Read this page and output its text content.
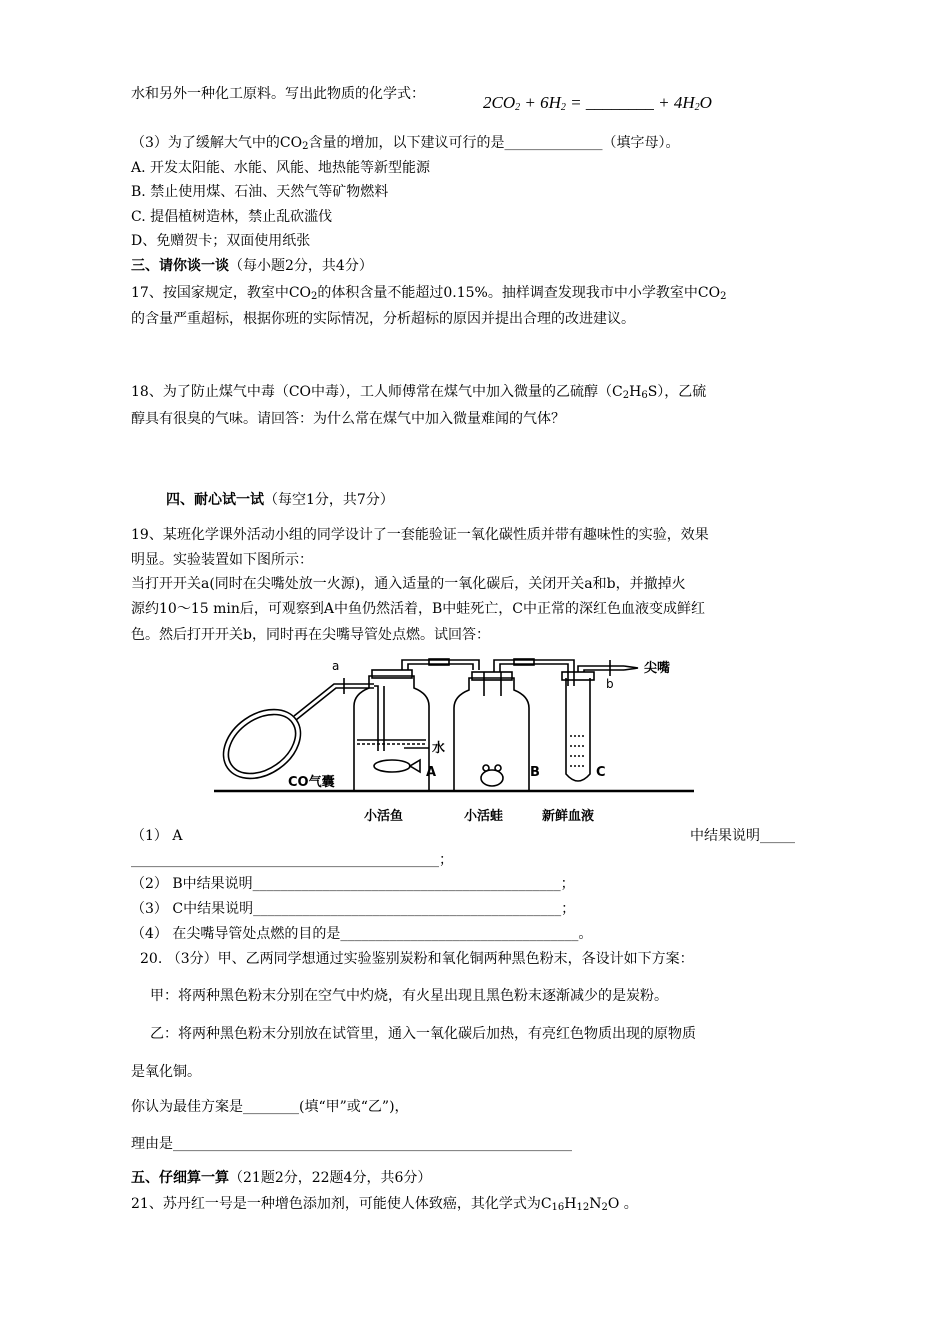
水和另外一种化工原料。写出此物质的化学式：	$2CO_2 + 6H_2$ = ________ + $4H_2O$
（3）为了缓解大气中的$CO_2$含量的增加，以下建议可行的是______________（填字母）。
A. 开发太阳能、水能、风能、地热能等新型能源
B. 禁止使用煤、石油、天然气等矿物燃料
C. 提倡植树造林，禁止乱砍滥伐
D、免赠贺卡；双面使用纸张
三、请你谈一谈（每小题2分，共4分）
17、按国家规定，教室中$CO_2$的体积含量不能超过0.15%。抽样调查发现我市中小学教室中$CO_2$
的含量严重超标，根据你班的实际情况，分析超标的原因并提出合理的改进建议。
18、为了防止煤气中毒（CO中毒），工人师傅常在煤气中加入微量的乙硫醇$(C_2H_6S)$，乙硫
醇具有很臭的气味。请回答：为什么常在煤气中加入微量难闻的气体？
四、耐心试一试（每空1分，共7分）
19、某班化学课外活动小组的同学设计了一套能验证一氧化碳性质并带有趣味性的实验，效果
明显。实验装置如下图所示：
当打开开关a(同时在尖嘴处放一火源)，通入适量的一氧化碳后，关闭开关a和b，并撤掉火
源约10～15 min后，可观察到A中鱼仍然活着，B中蛙死亡，C中正常的深红色血液变成鲜红
色。然后打开开关b，同时再在尖嘴导管处点燃。试回答：
a
b
尖嘴
水
CO气囊
A	B	C
小活鱼	小活蛙	新鲜血液
（1） A	中结果说明_____
____________________________________________；
（2） B中结果说明____________________________________________；
（3） C中结果说明____________________________________________；
（4） 在尖嘴导管处点燃的目的是__________________________________。
20. （3分）甲、乙两同学想通过实验鉴别炭粉和氧化铜两种黑色粉末，各设计如下方案：
甲：将两种黑色粉末分别在空气中灼烧，有火星出现且黑色粉末逐渐减少的是炭粉。
乙：将两种黑色粉末分别放在试管里，通入一氧化碳后加热，有亮红色物质出现的原物质
是氧化铜。
你认为最佳方案是________(填“甲”或“乙”)，
理由是_________________________________________________________
五、仔细算一算（21题2分，22题4分，共6分）
21、苏丹红一号是一种增色添加剂，可能使人体致癌，其化学式为$C_{16}H_{12}N_2O$ 。
